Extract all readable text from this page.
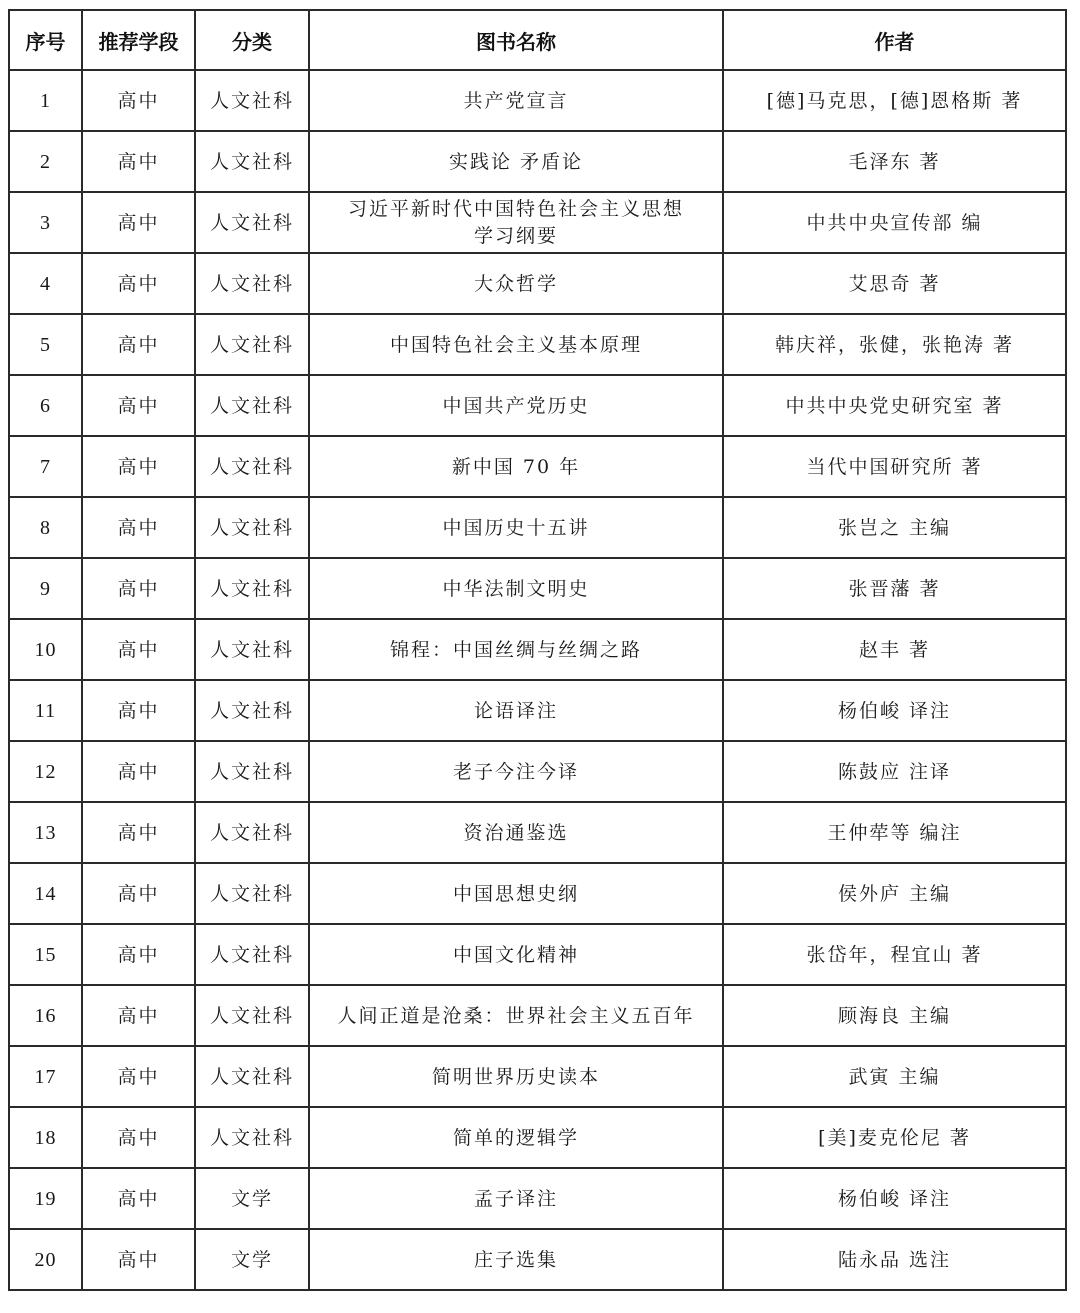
序号	推荐学段	分类	图书名称	作者
1	高中	人文社科	共产党宣言	[德]马克思，[德]恩格斯 著
2	高中	人文社科	实践论 矛盾论	毛泽东 著
3	高中	人文社科	习近平新时代中国特色社会主义思想学习纲要	中共中央宣传部 编
4	高中	人文社科	大众哲学	艾思奇 著
5	高中	人文社科	中国特色社会主义基本原理	韩庆祥，张健，张艳涛 著
6	高中	人文社科	中国共产党历史	中共中央党史研究室 著
7	高中	人文社科	新中国 70 年	当代中国研究所 著
8	高中	人文社科	中国历史十五讲	张岂之 主编
9	高中	人文社科	中华法制文明史	张晋藩 著
10	高中	人文社科	锦程：中国丝绸与丝绸之路	赵丰 著
11	高中	人文社科	论语译注	杨伯峻 译注
12	高中	人文社科	老子今注今译	陈鼓应 注译
13	高中	人文社科	资治通鉴选	王仲荦等 编注
14	高中	人文社科	中国思想史纲	侯外庐 主编
15	高中	人文社科	中国文化精神	张岱年，程宜山 著
16	高中	人文社科	人间正道是沧桑：世界社会主义五百年	顾海良 主编
17	高中	人文社科	简明世界历史读本	武寅 主编
18	高中	人文社科	简单的逻辑学	[美]麦克伦尼 著
19	高中	文学	孟子译注	杨伯峻 译注
20	高中	文学	庄子选集	陆永品 选注
